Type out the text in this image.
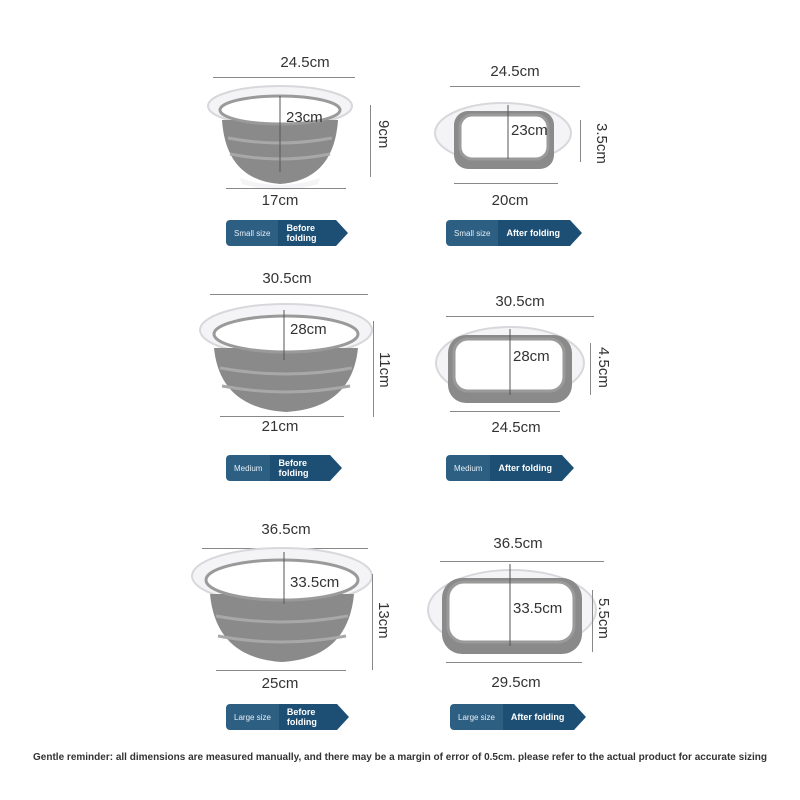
24.5cm
23cm
9cm
17cm
Small size	Before folding
24.5cm
23cm	3.5cm
20cm
Small size	After folding
30.5cm
28cm
11cm
21cm
Medium	Before folding
30.5cm
28cm	4.5cm
24.5cm
Medium	After folding
36.5cm
33.5cm
13cm
25cm
Large size	Before folding
36.5cm
33.5cm 5.5cm
29.5cm
Large size	After folding
Gentle reminder: all dimensions are measured manually, and there may be a margin of error of 0.5cm. please refer to the actual product for accurate sizing
